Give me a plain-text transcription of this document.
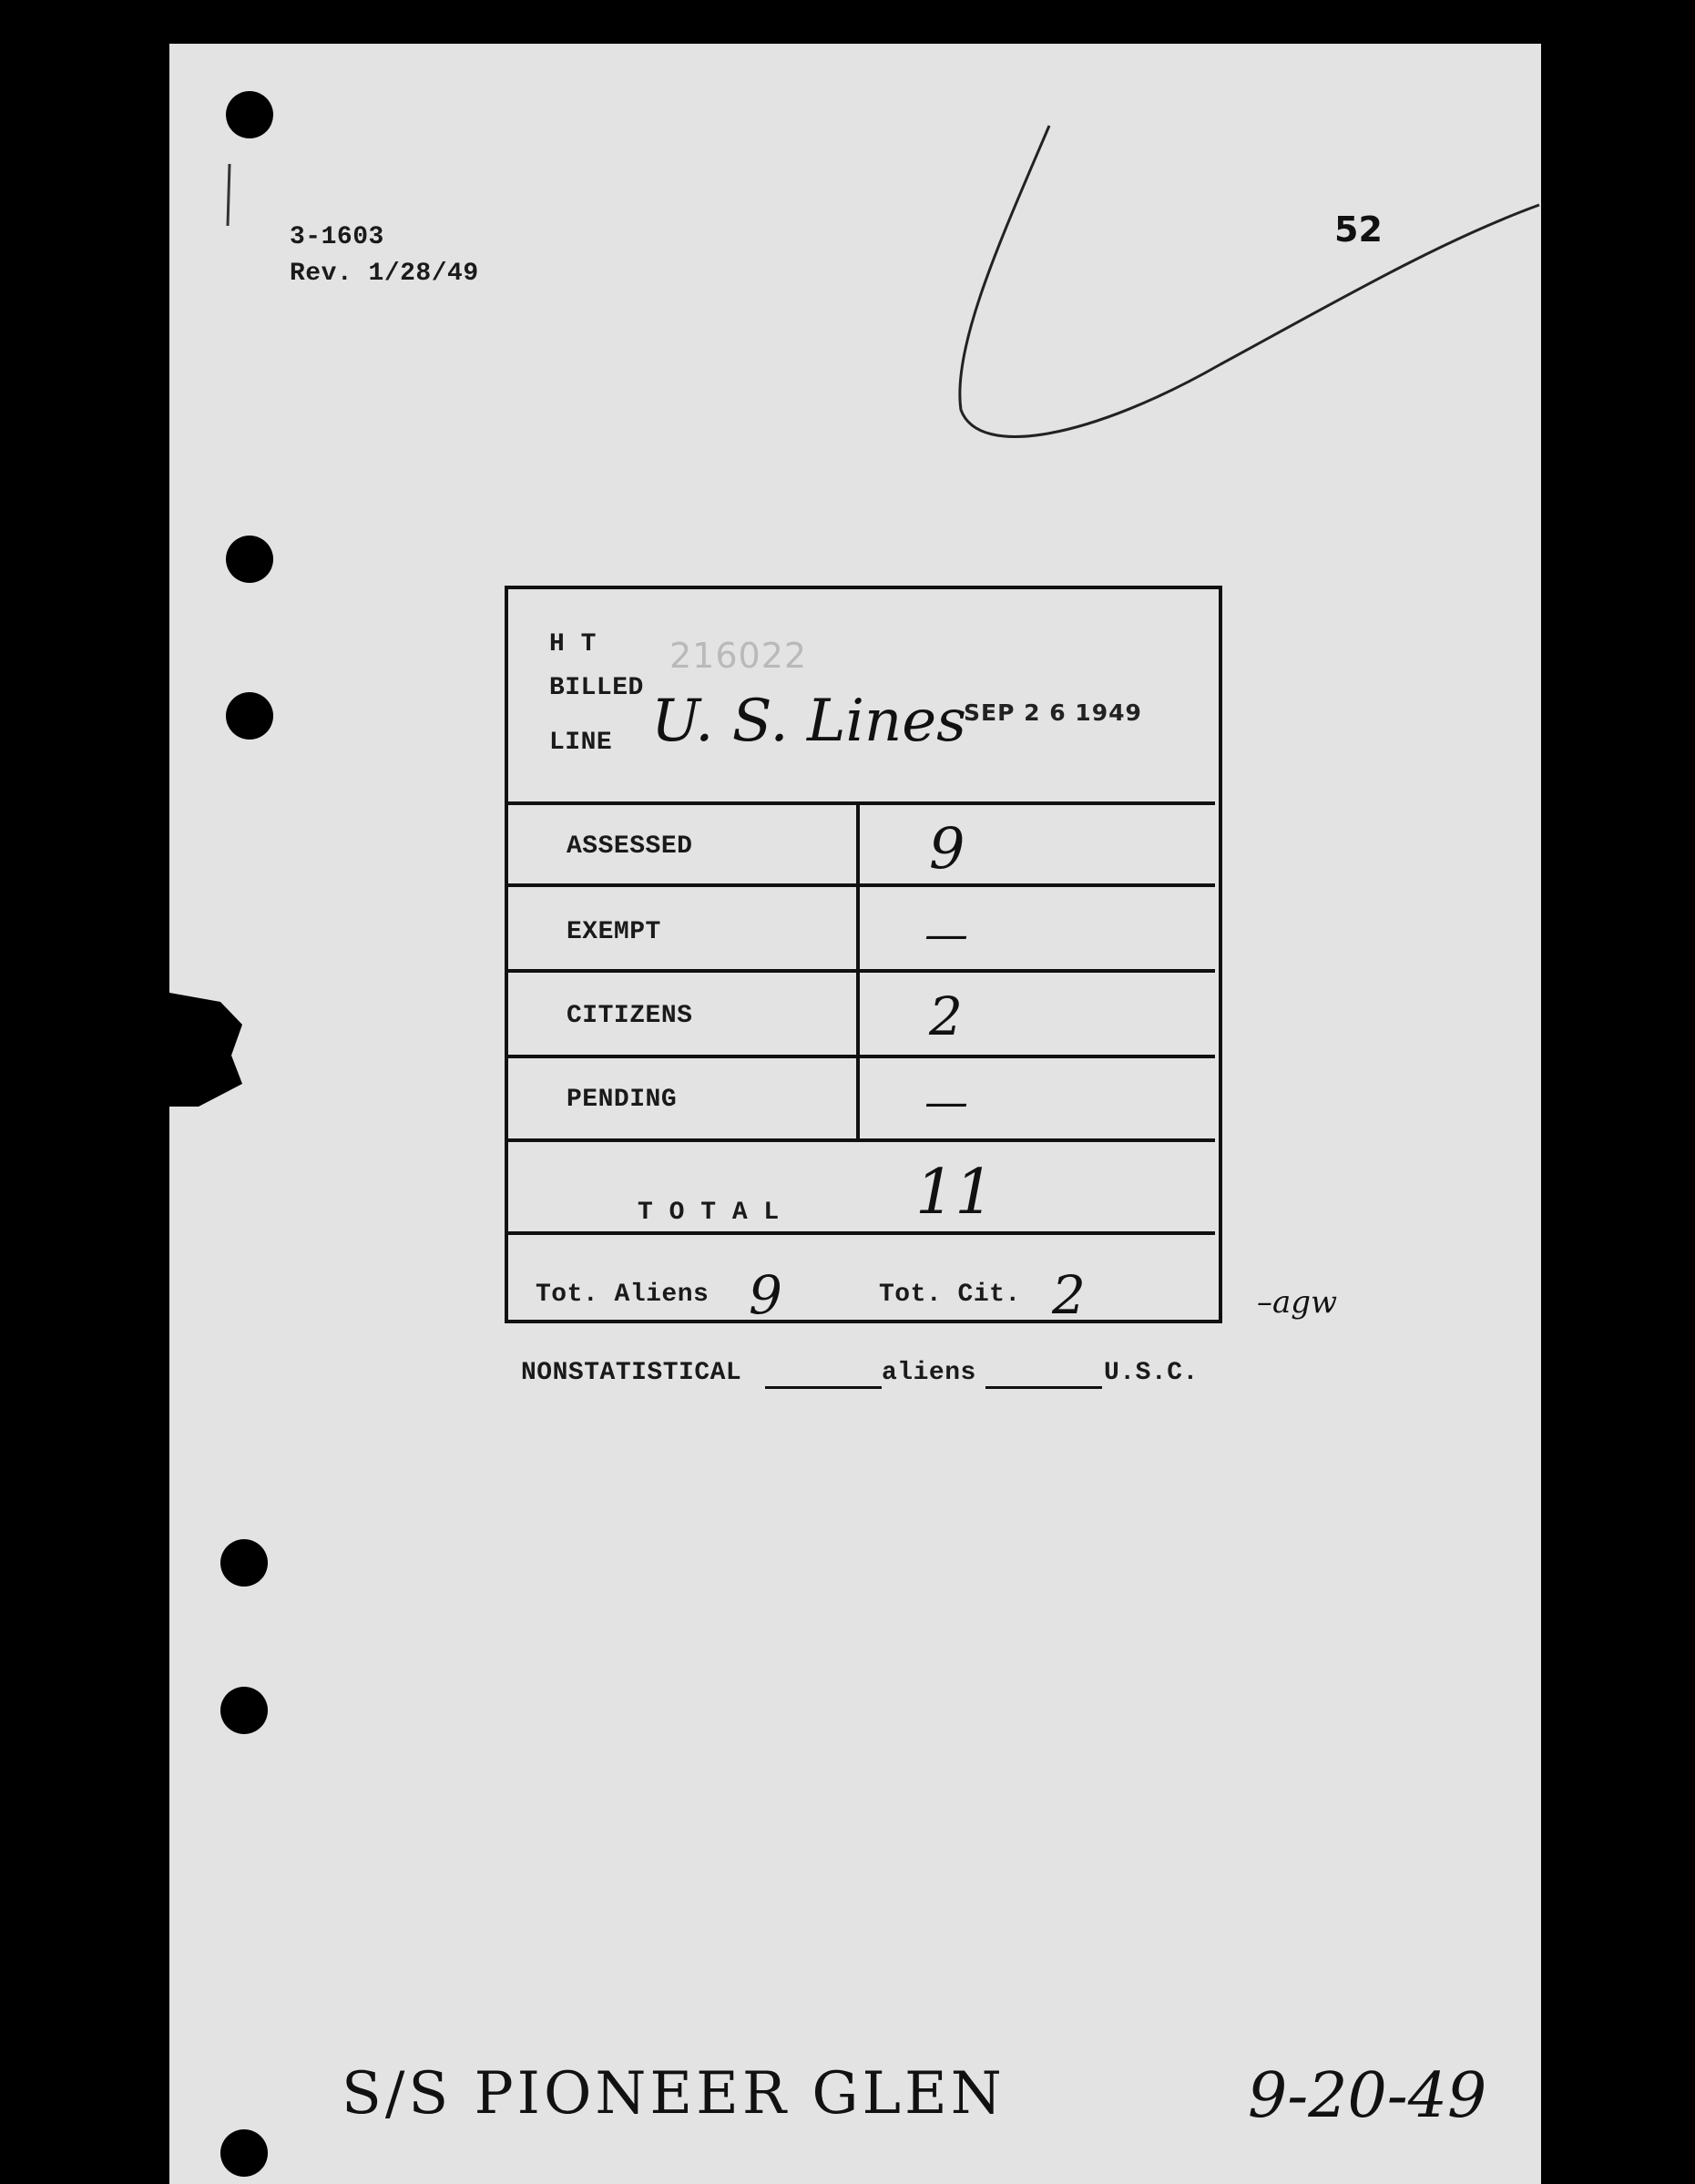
3-1603
Rev. 1/28/49
52
H T 216022
BILLED
LINE U. S. Lines
SEP 2 6 1949
ASSESSED	9
EXEMPT	—
CITIZENS	2
PENDING	—
T O T A L 11
Tot. Aliens 9	Tot. Cit. 2	–agw
NONSTATISTICAL	aliens	U.S.C.
S/S PIONEER GLEN	9-20-49
